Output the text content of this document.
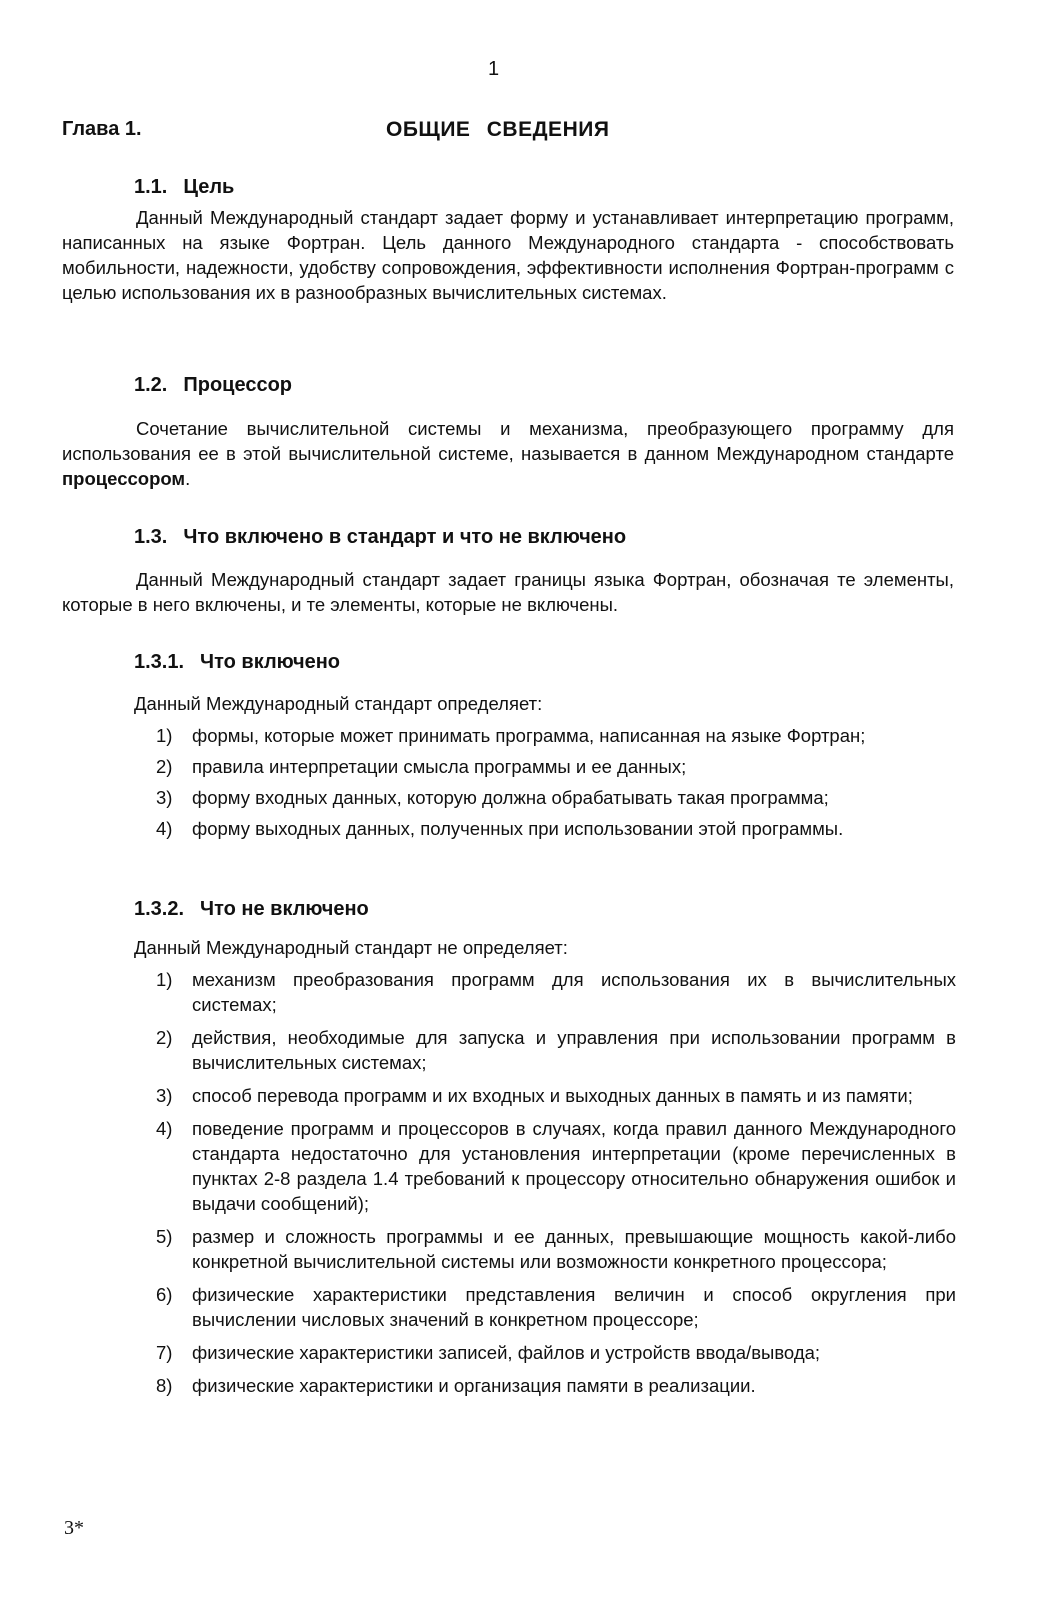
1
Глава 1.	ОБЩИЕ СВЕДЕНИЯ
1.1. Цель

Данный Международный стандарт задает форму и устанавливает интерпретацию программ, написанных на языке Фортран. Цель данного Международного стандарта - способствовать мобильности, надежности, удобству сопровождения, эффективности исполнения Фортран-программ с целью использования их в разнообразных вычислительных системах.

1.2. Процессор

Сочетание вычислительной системы и механизма, преобразующего программу для использования ее в этой вычислительной системе, называется в данном Международном стандарте процессором.

1.3. Что включено в стандарт и что не включено

Данный Международный стандарт задает границы языка Фортран, обозначая те элементы, которые в него включены, и те элементы, которые не включены.

1.3.1. Что включено
Данный Международный стандарт определяет:
1) формы, которые может принимать программа, написанная на языке Фортран;
2) правила интерпретации смысла программы и ее данных;
3) форму входных данных, которую должна обрабатывать такая программа;
4) форму выходных данных, полученных при использовании этой программы.
1.3.2. Что не включено
Данный Международный стандарт не определяет:
1) механизм преобразования программ для использования их в вычислительных системах;
2) действия, необходимые для запуска и управления при использовании программ в вычислительных системах;
3) способ перевода программ и их входных и выходных данных в память и из памяти;
4) поведение программ и процессоров в случаях, когда правил данного Международного стандарта недостаточно для установления интерпретации (кроме перечисленных в пунктах 2-8 раздела 1.4 требований к процессору относительно обнаружения ошибок и выдачи сообщений);
5) размер и сложность программы и ее данных, превышающие мощность какой-либо конкретной вычислительной системы или возможности конкретного процессора;
6) физические характеристики представления величин и способ округления при вычислении числовых значений в конкретном процессоре;
7) физические характеристики записей, файлов и устройств ввода/вывода;
8) физические характеристики и организация памяти в реализации.
3*
